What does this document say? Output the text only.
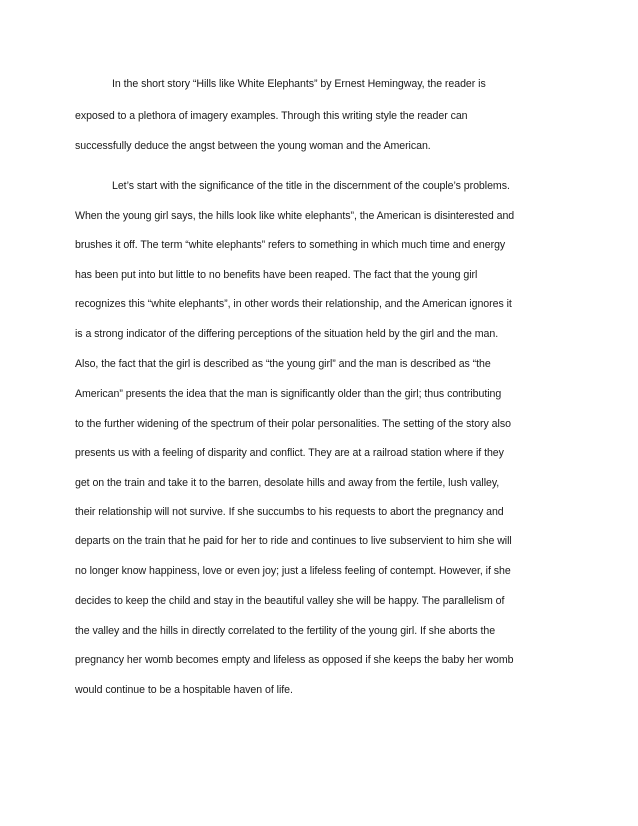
In the short story “Hills like White Elephants” by Ernest Hemingway, the reader is
exposed to a plethora of imagery examples. Through this writing style the reader can
successfully deduce the angst between the young woman and the American.
Let’s start with the significance of the title in the discernment of the couple’s problems.
When the young girl says, the hills look like white elephants”, the American is disinterested and
brushes it off. The term “white elephants” refers to something in which much time and energy
has been put into but little to no benefits have been reaped. The fact that the young girl
recognizes this “white elephants”, in other words their relationship, and the American ignores it
is a strong indicator of the differing perceptions of the situation held by the girl and the man.
Also, the fact that the girl is described as “the young girl” and the man is described as “the
American” presents the idea that the man is significantly older than the girl; thus contributing
to the further widening of the spectrum of their polar personalities. The setting of the story also
presents us with a feeling of disparity and conflict. They are at a railroad station where if they
get on the train and take it to the barren, desolate hills and away from the fertile, lush valley,
their relationship will not survive. If she succumbs to his requests to abort the pregnancy and
departs on the train that he paid for her to ride and continues to live subservient to him she will
no longer know happiness, love or even joy; just a lifeless feeling of contempt. However, if she
decides to keep the child and stay in the beautiful valley she will be happy. The parallelism of
the valley and the hills in directly correlated to the fertility of the young girl. If she aborts the
pregnancy her womb becomes empty and lifeless as opposed if she keeps the baby her womb
would continue to be a hospitable haven of life.
